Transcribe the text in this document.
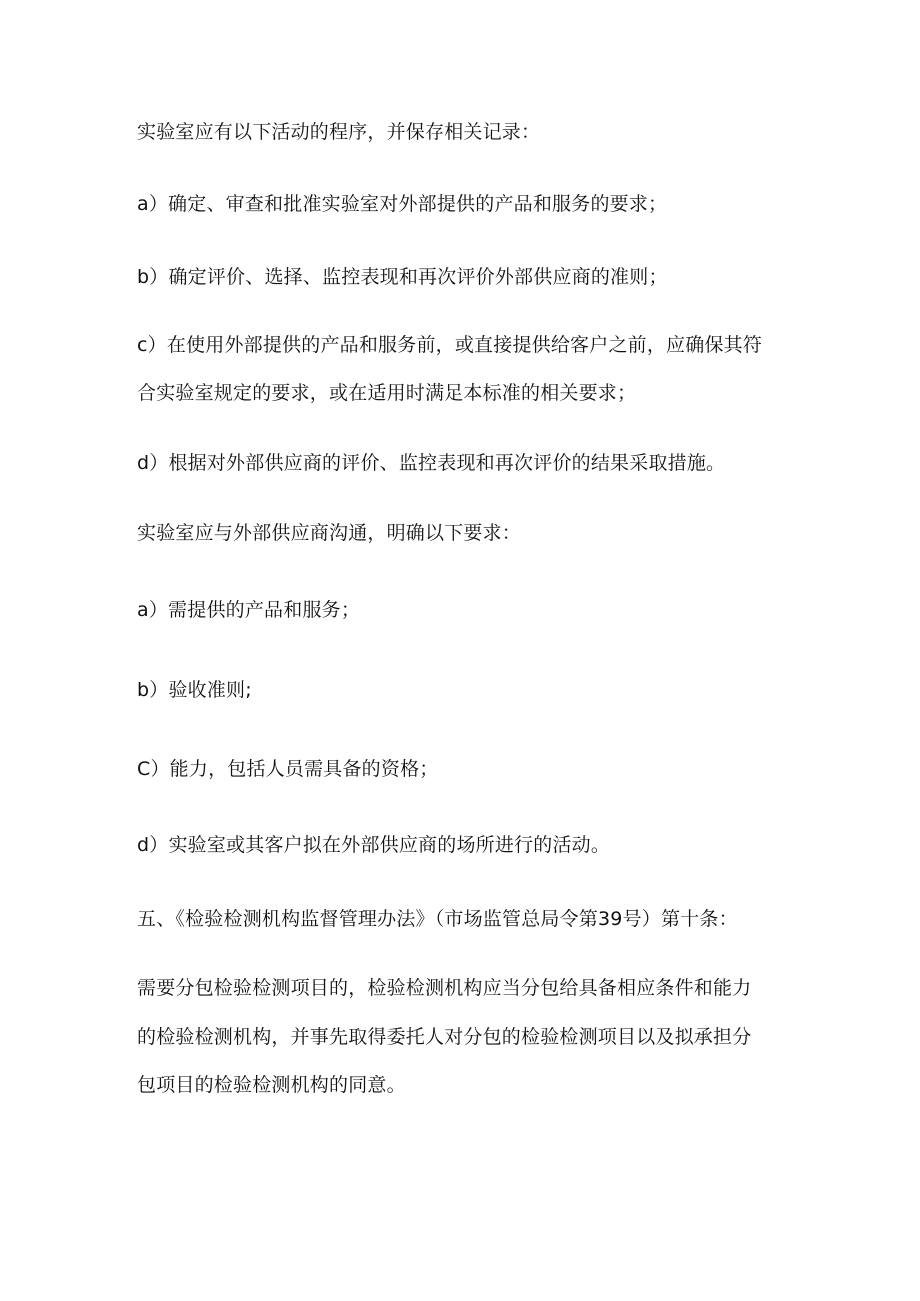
实验室应有以下活动的程序，并保存相关记录：
a）确定、审查和批准实验室对外部提供的产品和服务的要求；
b）确定评价、选择、监控表现和再次评价外部供应商的准则；
c）在使用外部提供的产品和服务前，或直接提供给客户之前，应确保其符
合实验室规定的要求，或在适用时满足本标准的相关要求；
d）根据对外部供应商的评价、监控表现和再次评价的结果采取措施。
实验室应与外部供应商沟通，明确以下要求：
a）需提供的产品和服务；
b）验收准则;
C）能力，包括人员需具备的资格；
d）实验室或其客户拟在外部供应商的场所进行的活动。
五、《检验检测机构监督管理办法》（市场监管总局令第39号）第十条：
需要分包检验检测项目的，检验检测机构应当分包给具备相应条件和能力
的检验检测机构，并事先取得委托人对分包的检验检测项目以及拟承担分
包项目的检验检测机构的同意。
